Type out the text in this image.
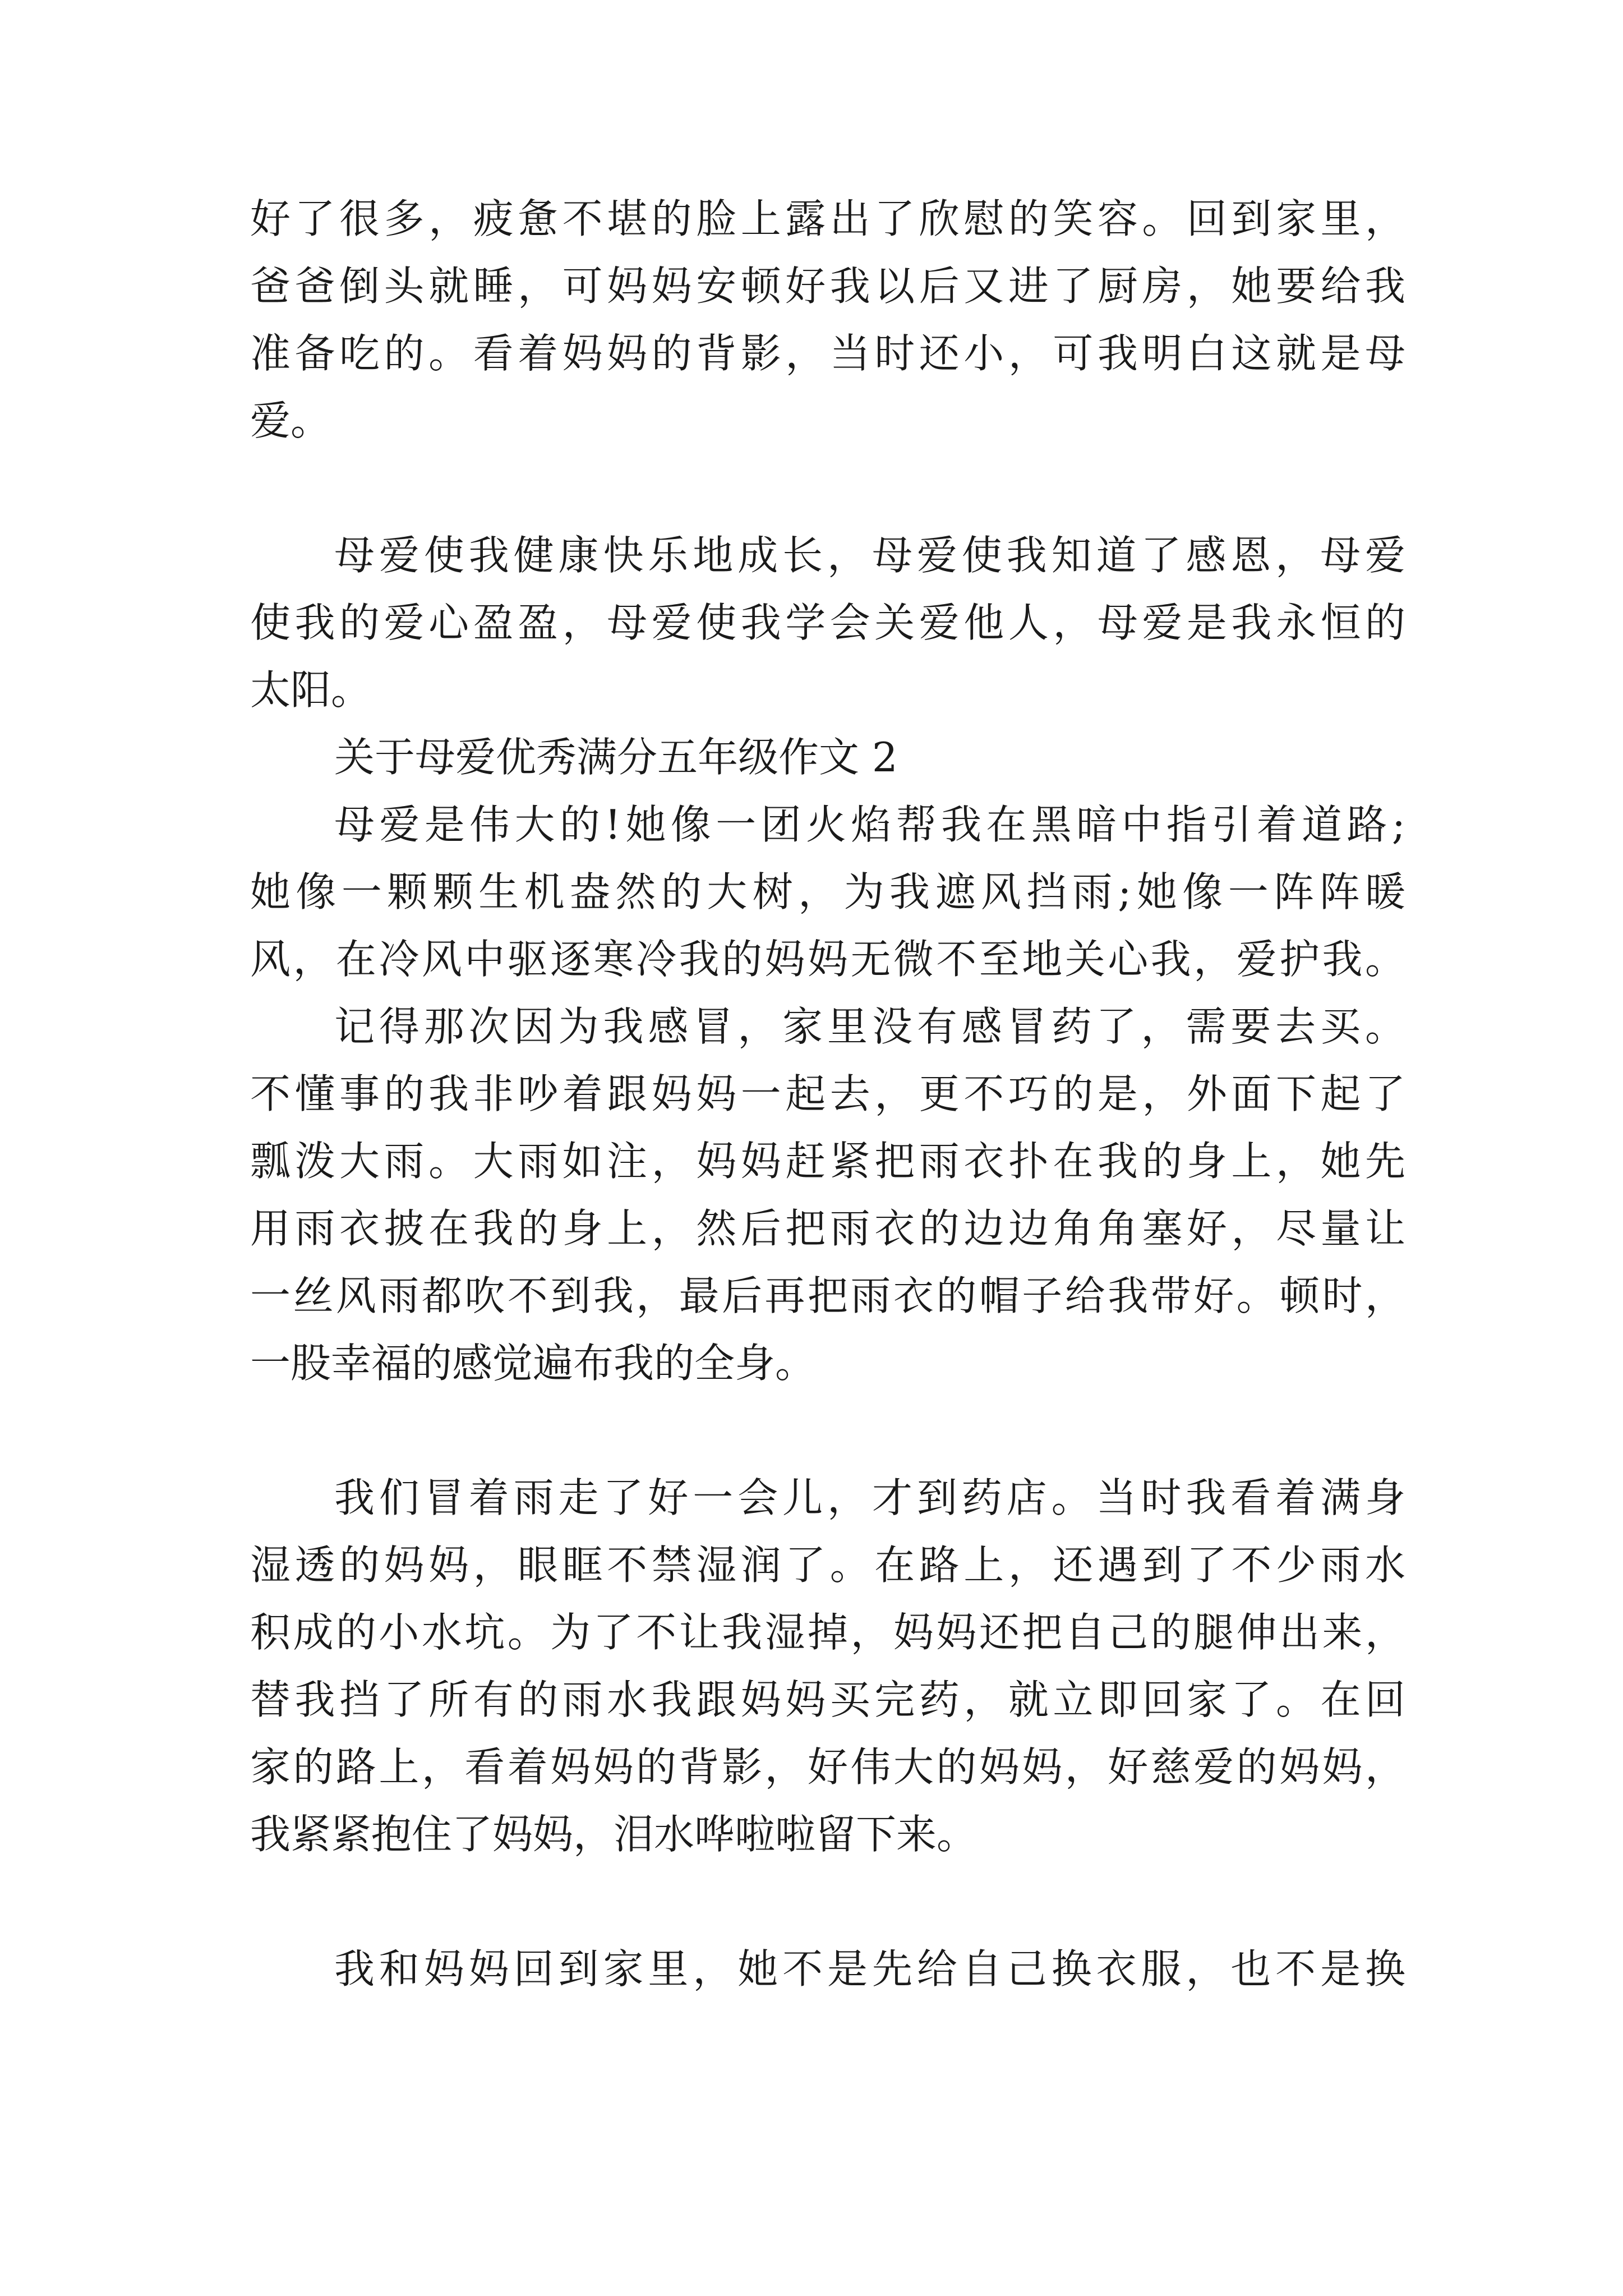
好了很多，疲惫不堪的脸上露出了欣慰的笑容。回到家里，
爸爸倒头就睡，可妈妈安顿好我以后又进了厨房，她要给我
准备吃的。看着妈妈的背影，当时还小，可我明白这就是母
爱。
母爱使我健康快乐地成长，母爱使我知道了感恩，母爱
使我的爱心盈盈，母爱使我学会关爱他人，母爱是我永恒的
太阳。
关于母爱优秀满分五年级作文 2
母爱是伟大的!她像一团火焰帮我在黑暗中指引着道路;
她像一颗颗生机盎然的大树，为我遮风挡雨;她像一阵阵暖
风，在冷风中驱逐寒冷我的妈妈无微不至地关心我，爱护我。
记得那次因为我感冒，家里没有感冒药了，需要去买。
不懂事的我非吵着跟妈妈一起去，更不巧的是，外面下起了
瓢泼大雨。大雨如注，妈妈赶紧把雨衣扑在我的身上，她先
用雨衣披在我的身上，然后把雨衣的边边角角塞好，尽量让
一丝风雨都吹不到我，最后再把雨衣的帽子给我带好。顿时，
一股幸福的感觉遍布我的全身。
我们冒着雨走了好一会儿，才到药店。当时我看着满身
湿透的妈妈，眼眶不禁湿润了。在路上，还遇到了不少雨水
积成的小水坑。为了不让我湿掉，妈妈还把自己的腿伸出来，
替我挡了所有的雨水我跟妈妈买完药，就立即回家了。在回
家的路上，看着妈妈的背影，好伟大的妈妈，好慈爱的妈妈，
我紧紧抱住了妈妈，泪水哗啦啦留下来。
我和妈妈回到家里，她不是先给自己换衣服，也不是换
